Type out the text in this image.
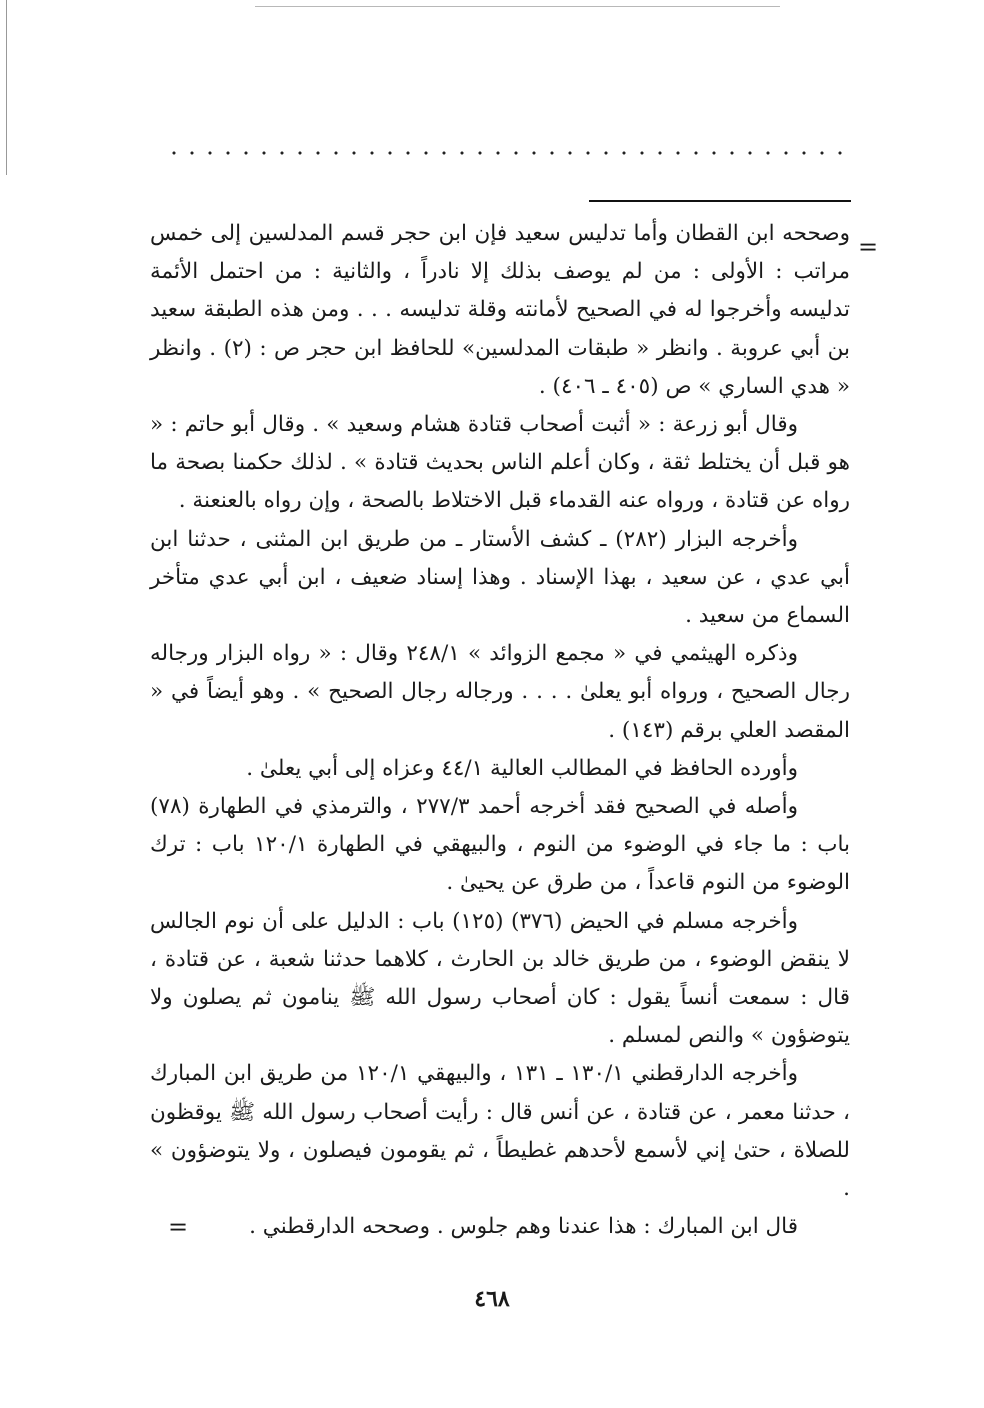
=

وصححه ابن القطان وأما تدليس سعيد فإن ابن حجر قسم المدلسين إلى خمس مراتب : الأولى : من لم يوصف بذلك إلا نادراً ، والثانية : من احتمل الأئمة تدليسه وأخرجوا له في الصحيح لأمانته وقلة تدليسه . . . ومن هذه الطبقة سعيد بن أبي عروبة . وانظر « طبقات المدلسين» للحافظ ابن حجر ص : (٢) . وانظر « هدي الساري » ص (٤٠٥ ـ ٤٠٦) .

وقال أبو زرعة : « أثبت أصحاب قتادة هشام وسعيد » . وقال أبو حاتم : « هو قبل أن يختلط ثقة ، وكان أعلم الناس بحديث قتادة » . لذلك حكمنا بصحة ما رواه عن قتادة ، ورواه عنه القدماء قبل الاختلاط بالصحة ، وإن رواه بالعنعنة .

وأخرجه البزار (٢٨٢) ـ كشف الأستار ـ من طريق ابن المثنى ، حدثنا ابن أبي عدي ، عن سعيد ، بهذا الإسناد . وهذا إسناد ضعيف ، ابن أبي عدي متأخر السماع من سعيد .

وذكره الهيثمي في « مجمع الزوائد » ٢٤٨/١ وقال : « رواه البزار ورجاله رجال الصحيح ، ورواه أبو يعلىٰ . . . . ورجاله رجال الصحيح » . وهو أيضاً في « المقصد العلي برقم (١٤٣) .

وأورده الحافظ في المطالب العالية ٤٤/١ وعزاه إلى أبي يعلىٰ .

وأصله في الصحيح فقد أخرجه أحمد ٢٧٧/٣ ، والترمذي في الطهارة (٧٨) باب : ما جاء في الوضوء من النوم ، والبيهقي في الطهارة ١٢٠/١ باب : ترك الوضوء من النوم قاعداً ، من طرق عن يحيىٰ .

وأخرجه مسلم في الحيض (٣٧٦) (١٢٥) باب : الدليل على أن نوم الجالس لا ينقض الوضوء ، من طريق خالد بن الحارث ، كلاهما حدثنا شعبة ، عن قتادة ، قال : سمعت أنساً يقول : كان أصحاب رسول الله ﷺ ينامون ثم يصلون ولا يتوضؤون » والنص لمسلم .

وأخرجه الدارقطني ١٣٠/١ ـ ١٣١ ، والبيهقي ١٢٠/١ من طريق ابن المبارك ، حدثنا معمر ، عن قتادة ، عن أنس قال : رأيت أصحاب رسول الله ﷺ يوقظون للصلاة ، حتىٰ إني لأسمع لأحدهم غطيطاً ، ثم يقومون فيصلون ، ولا يتوضؤون » .

قال ابن المبارك : هذا عندنا وهم جلوس . وصححه الدارقطني .

=
٤٦٨
